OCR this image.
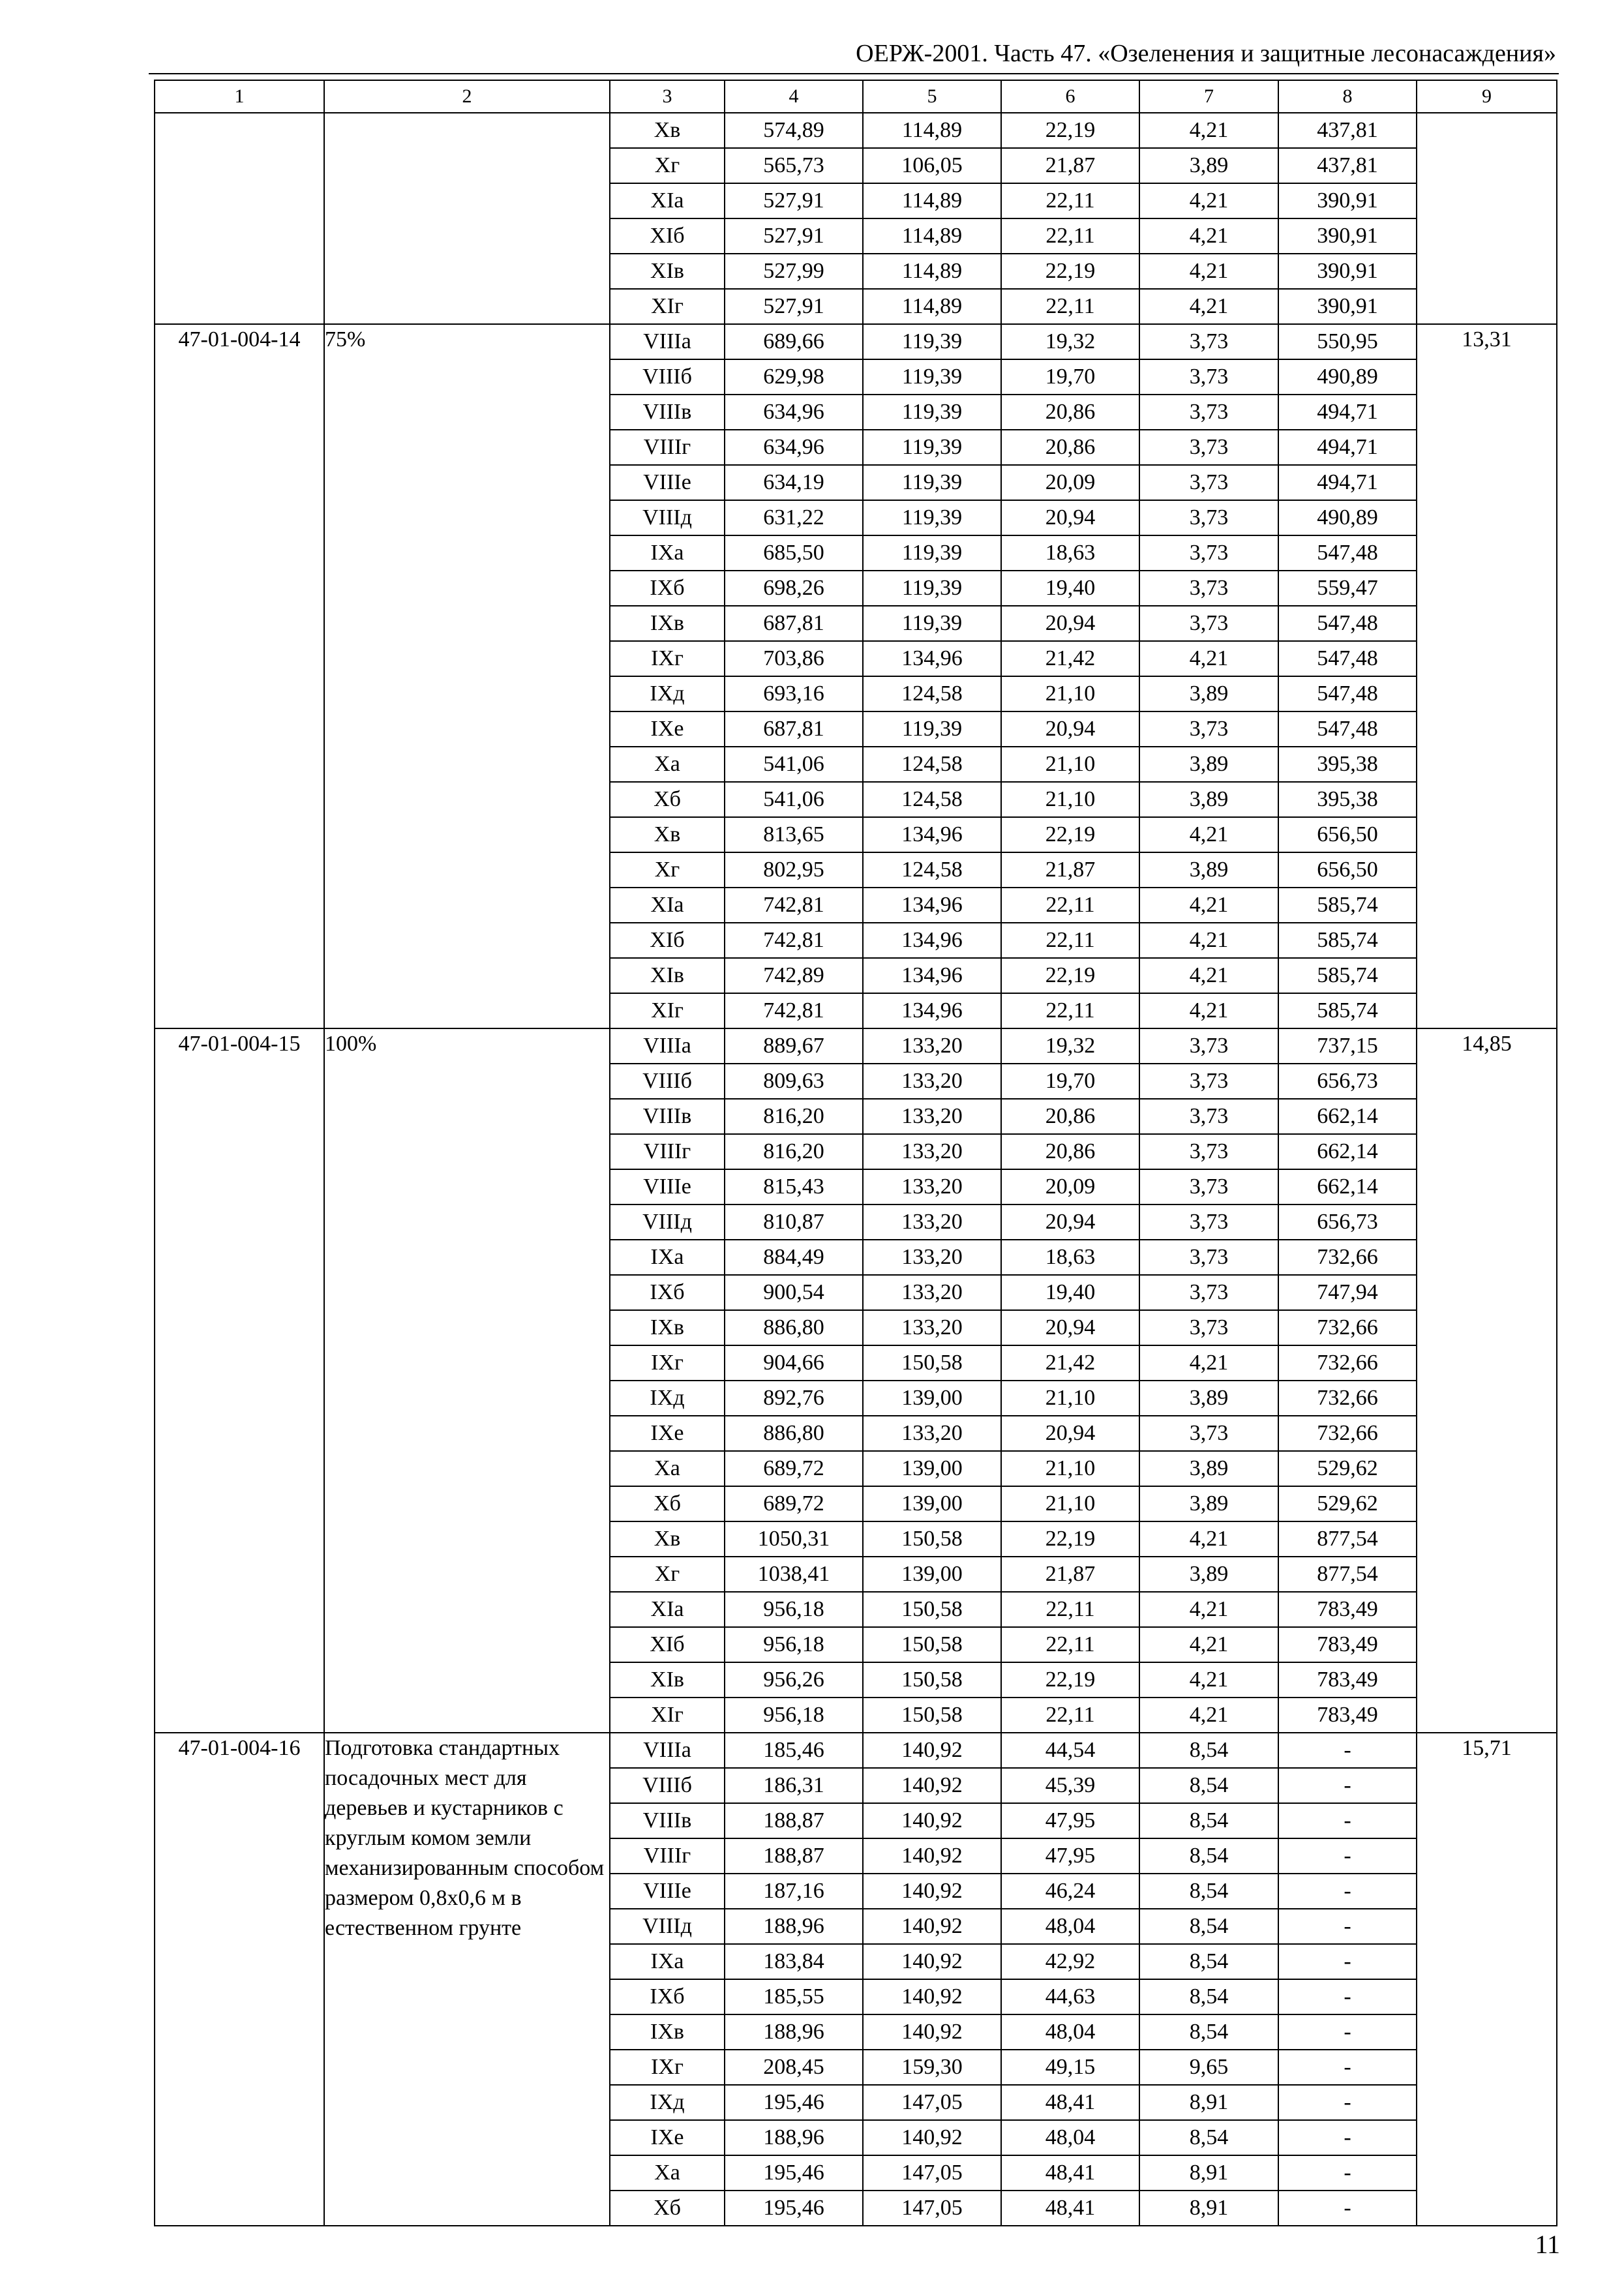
ОЕРЖ-2001. Часть 47. «Озеленения и защитные лесонасаждения»
1	2	3	4	5	6	7	8	9
		Xв	574,89	114,89	22,19	4,21	437,81	
		Xг	565,73	106,05	21,87	3,89	437,81	
		XIа	527,91	114,89	22,11	4,21	390,91	
		XIб	527,91	114,89	22,11	4,21	390,91	
		XIв	527,99	114,89	22,19	4,21	390,91	
		XIг	527,91	114,89	22,11	4,21	390,91	
47-01-004-14	75%	VIIIа	689,66	119,39	19,32	3,73	550,95	13,31
		VIIIб	629,98	119,39	19,70	3,73	490,89	
		VIIIв	634,96	119,39	20,86	3,73	494,71	
		VIIIг	634,96	119,39	20,86	3,73	494,71	
		VIIIе	634,19	119,39	20,09	3,73	494,71	
		VIIIд	631,22	119,39	20,94	3,73	490,89	
		IXа	685,50	119,39	18,63	3,73	547,48	
		IXб	698,26	119,39	19,40	3,73	559,47	
		IXв	687,81	119,39	20,94	3,73	547,48	
		IXг	703,86	134,96	21,42	4,21	547,48	
		IXд	693,16	124,58	21,10	3,89	547,48	
		IXе	687,81	119,39	20,94	3,73	547,48	
		Xа	541,06	124,58	21,10	3,89	395,38	
		Xб	541,06	124,58	21,10	3,89	395,38	
		Xв	813,65	134,96	22,19	4,21	656,50	
		Xг	802,95	124,58	21,87	3,89	656,50	
		XIа	742,81	134,96	22,11	4,21	585,74	
		XIб	742,81	134,96	22,11	4,21	585,74	
		XIв	742,89	134,96	22,19	4,21	585,74	
		XIг	742,81	134,96	22,11	4,21	585,74	
47-01-004-15	100%	VIIIа	889,67	133,20	19,32	3,73	737,15	14,85
		VIIIб	809,63	133,20	19,70	3,73	656,73	
		VIIIв	816,20	133,20	20,86	3,73	662,14	
		VIIIг	816,20	133,20	20,86	3,73	662,14	
		VIIIе	815,43	133,20	20,09	3,73	662,14	
		VIIIд	810,87	133,20	20,94	3,73	656,73	
		IXа	884,49	133,20	18,63	3,73	732,66	
		IXб	900,54	133,20	19,40	3,73	747,94	
		IXв	886,80	133,20	20,94	3,73	732,66	
		IXг	904,66	150,58	21,42	4,21	732,66	
		IXд	892,76	139,00	21,10	3,89	732,66	
		IXе	886,80	133,20	20,94	3,73	732,66	
		Xа	689,72	139,00	21,10	3,89	529,62	
		Xб	689,72	139,00	21,10	3,89	529,62	
		Xв	1050,31	150,58	22,19	4,21	877,54	
		Xг	1038,41	139,00	21,87	3,89	877,54	
		XIа	956,18	150,58	22,11	4,21	783,49	
		XIб	956,18	150,58	22,11	4,21	783,49	
		XIв	956,26	150,58	22,19	4,21	783,49	
		XIг	956,18	150,58	22,11	4,21	783,49	
47-01-004-16	Подготовка стандартных посадочных мест для деревьев и кустарников с круглым комом земли механизированным способом размером 0,8х0,6 м в естественном грунте	VIIIа	185,46	140,92	44,54	8,54	-	15,71
		VIIIб	186,31	140,92	45,39	8,54	-	
		VIIIв	188,87	140,92	47,95	8,54	-	
		VIIIг	188,87	140,92	47,95	8,54	-	
		VIIIе	187,16	140,92	46,24	8,54	-	
		VIIIд	188,96	140,92	48,04	8,54	-	
		IXа	183,84	140,92	42,92	8,54	-	
		IXб	185,55	140,92	44,63	8,54	-	
		IXв	188,96	140,92	48,04	8,54	-	
		IXг	208,45	159,30	49,15	9,65	-	
		IXд	195,46	147,05	48,41	8,91	-	
		IXе	188,96	140,92	48,04	8,54	-	
		Xа	195,46	147,05	48,41	8,91	-	
		Xб	195,46	147,05	48,41	8,91	-	
11
